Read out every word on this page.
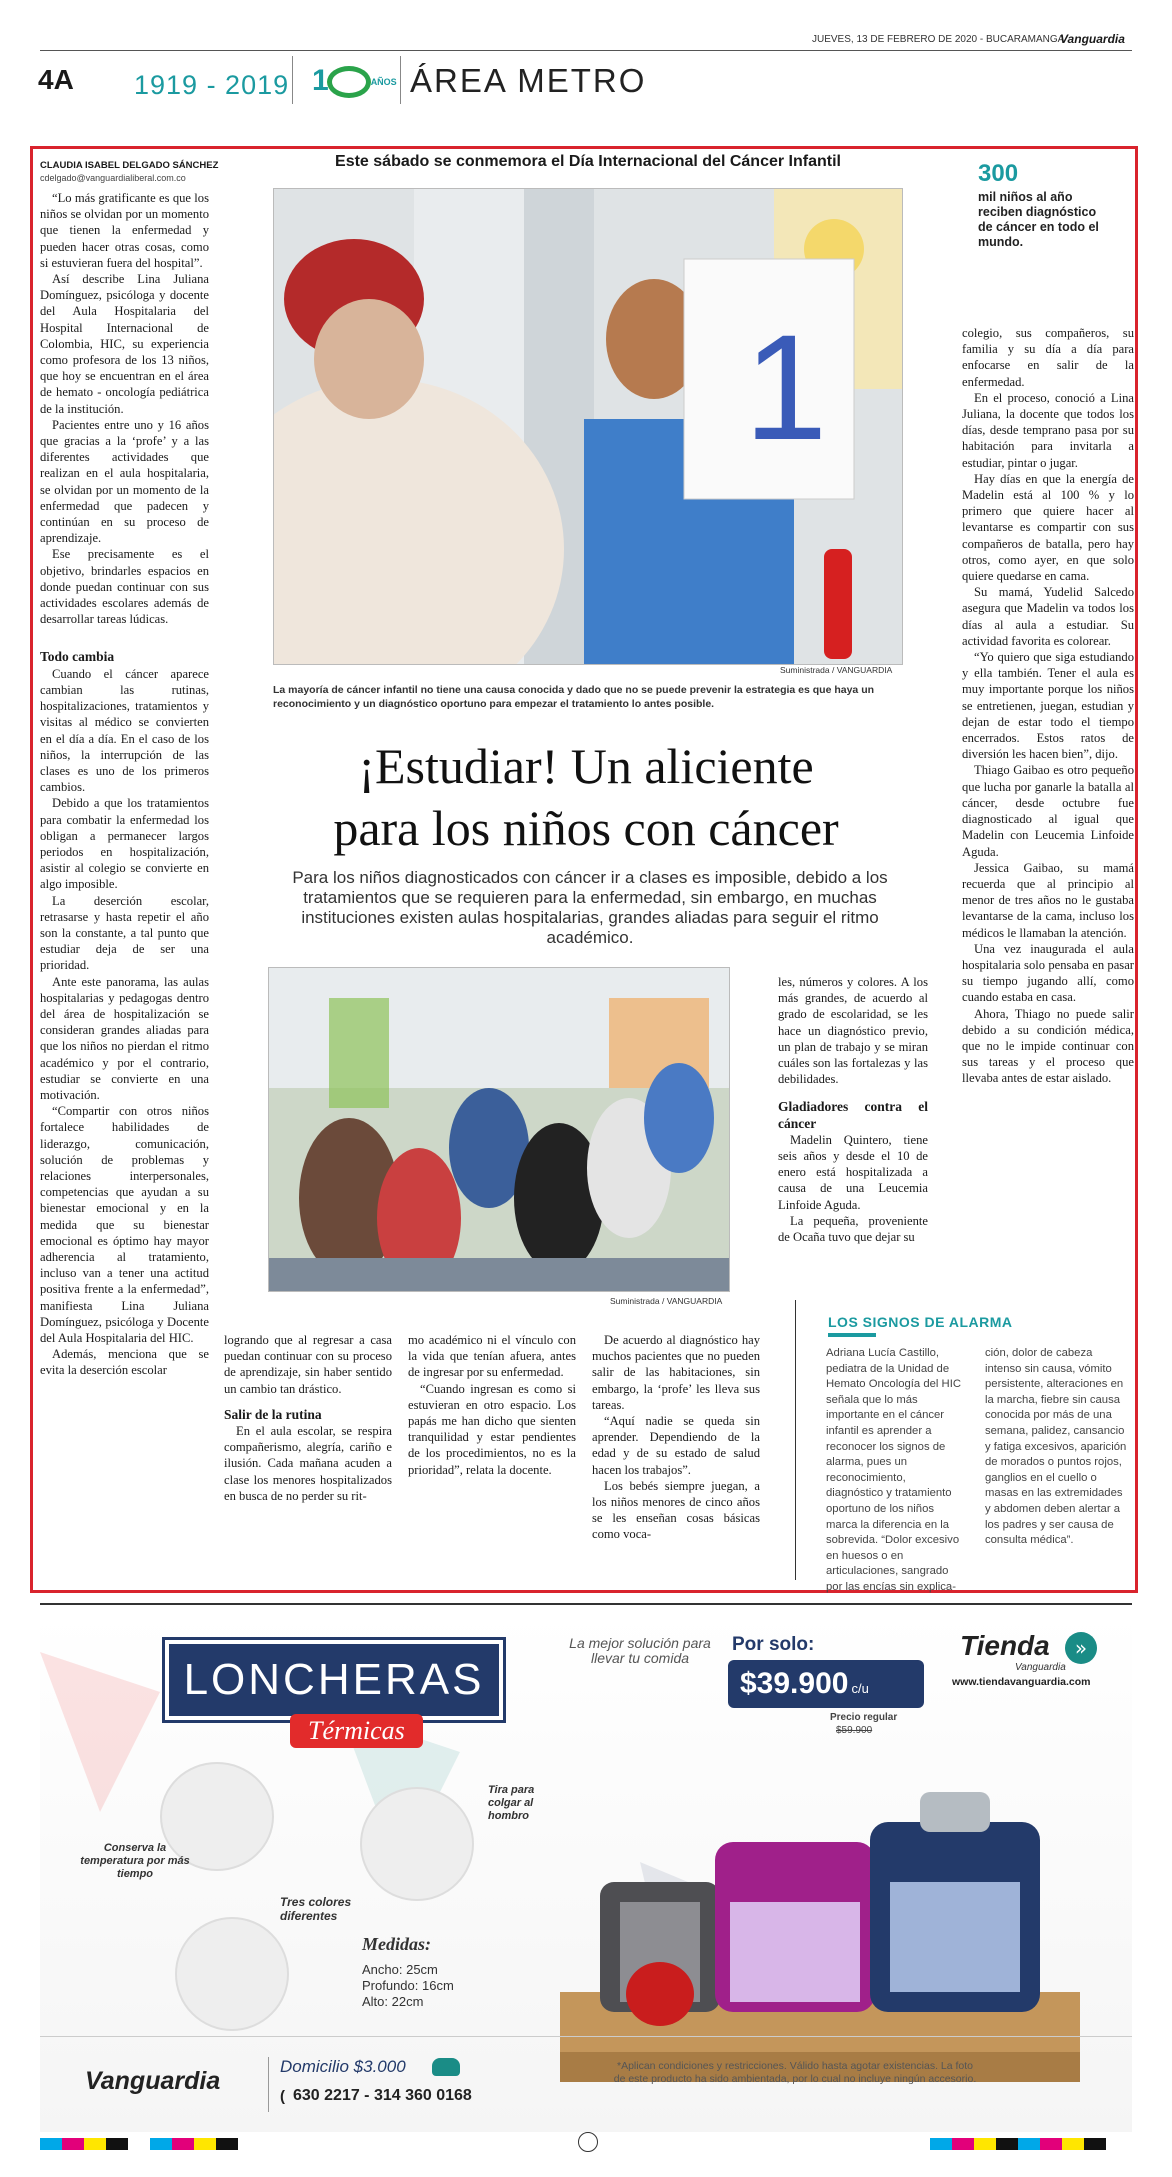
JUEVES, 13 DE FEBRERO DE 2020 - BUCARAMANGA
Vanguardia
4A 1919 - 2019 1	AÑOS ÁREA METRO
CLAUDIA ISABEL DELGADO SÁNCHEZ
cdelgado@vanguardialiberal.com.co
Este sábado se conmemora el Día Internacional del Cáncer Infantil
1
Suministrada / VANGUARDIA
La mayoría de cáncer infantil no tiene una causa conocida y dado que no se puede prevenir la estrategia es que haya un reconocimiento y un diagnóstico oportuno para empezar el tratamiento lo antes posible.
300
mil niños al año reciben diagnóstico de cáncer en todo el mundo.
¡Estudiar! Un aliciente
para los niños con cáncer
Para los niños diagnosticados con cáncer ir a clases es imposible, debido a los tratamientos que se requieren para la enfermedad, sin embargo, en muchas instituciones existen aulas hospitalarias, grandes aliadas para seguir el ritmo académico.
Suministrada / VANGUARDIA

“Lo más gratificante es que los niños se olvidan por un momento que tienen la enfermedad y pueden hacer otras cosas, como si estuvieran fuera del hospital”.

Así describe Lina Juliana Domínguez, psicóloga y docente del Aula Hospitalaria del Hospital Internacional de Colombia, HIC, su experiencia como profesora de los 13 niños, que hoy se encuentran en el área de hemato - oncología pediátrica de la institución.

Pacientes entre uno y 16 años que gracias a la ‘profe’ y a las diferentes actividades que realizan en el aula hospitalaria, se olvidan por un momento de la enfermedad que padecen y continúan en su proceso de aprendizaje.

Ese precisamente es el objetivo, brindarles espacios en donde puedan continuar con sus actividades escolares además de desarrollar tareas lúdicas.

Todo cambia

Cuando el cáncer aparece cambian las rutinas, hospitalizaciones, tratamientos y visitas al médico se convierten en el día a día. En el caso de los niños, la interrupción de las clases es uno de los primeros cambios.

Debido a que los tratamientos para combatir la enfermedad los obligan a permanecer largos periodos en hospitalización, asistir al colegio se convierte en algo imposible.

La deserción escolar, retrasarse y hasta repetir el año son la constante, a tal punto que estudiar deja de ser una prioridad.

Ante este panorama, las aulas hospitalarias y pedagogas dentro del área de hospitalización se consideran grandes aliadas para que los niños no pierdan el ritmo académico y por el contrario, estudiar se convierte en una motivación.

“Compartir con otros niños fortalece habilidades de liderazgo, comunicación, solución de problemas y relaciones interpersonales, competencias que ayudan a su bienestar emocional y en la medida que su bienestar emocional es óptimo hay mayor adherencia al tratamiento, incluso van a tener una actitud positiva frente a la enfermedad”, manifiesta Lina Juliana Domínguez, psicóloga y Docente del Aula Hospitalaria del HIC.

Además, menciona que se evita la deserción escolar

logrando que al regresar a casa puedan continuar con su proceso de aprendizaje, sin haber sentido un cambio tan drástico.

Salir de la rutina

En el aula escolar, se respira compañerismo, alegría, cariño e ilusión. Cada mañana acuden a clase los menores hospitalizados en busca de no perder su rit-

mo académico ni el vínculo con la vida que tenían afuera, antes de ingresar por su enfermedad.

“Cuando ingresan es como si estuvieran en otro espacio. Los papás me han dicho que sienten tranquilidad y estar pendientes de los procedimientos, no es la prioridad”, relata la docente.

De acuerdo al diagnóstico hay muchos pacientes que no pueden salir de las habitaciones, sin embargo, la ‘profe’ les lleva sus tareas.

“Aquí nadie se queda sin aprender. Dependiendo de la edad y de su estado de salud hacen los trabajos”.

Los bebés siempre juegan, a los niños menores de cinco años se les enseñan cosas básicas como voca-

les, números y colores. A los más grandes, de acuerdo al grado de escolaridad, se les hace un diagnóstico previo, un plan de trabajo y se miran cuáles son las fortalezas y las debilidades.

Gladiadores contra el cáncer

Madelin Quintero, tiene seis años y desde el 10 de enero está hospitalizada a causa de una Leucemia Linfoide Aguda.

La pequeña, proveniente de Ocaña tuvo que dejar su

colegio, sus compañeros, su familia y su día a día para enfocarse en salir de la enfermedad.

En el proceso, conoció a Lina Juliana, la docente que todos los días, desde temprano pasa por su habitación para invitarla a estudiar, pintar o jugar.

Hay días en que la energía de Madelin está al 100 % y lo primero que quiere hacer al levantarse es compartir con sus compañeros de batalla, pero hay otros, como ayer, en que solo quiere quedarse en cama.

Su mamá, Yudelid Salcedo asegura que Madelin va todos los días al aula a estudiar. Su actividad favorita es colorear.

“Yo quiero que siga estudiando y ella también. Tener el aula es muy importante porque los niños se entretienen, juegan, estudian y dejan de estar todo el tiempo encerrados. Estos ratos de diversión les hacen bien”, dijo.

Thiago Gaibao es otro pequeño que lucha por ganarle la batalla al cáncer, desde octubre fue diagnosticado al igual que Madelin con Leucemia Linfoide Aguda.

Jessica Gaibao, su mamá recuerda que al principio al menor de tres años no le gustaba levantarse de la cama, incluso los médicos le llamaban la atención.

Una vez inaugurada el aula hospitalaria solo pensaba en pasar su tiempo jugando allí, como cuando estaba en casa.

Ahora, Thiago no puede salir debido a su condición médica, que no le impide continuar con sus tareas y el proceso que llevaba antes de estar aislado.

LOS SIGNOS DE ALARMA
Adriana Lucía Castillo, pediatra de la Unidad de Hemato Oncología del HIC señala que lo más importante en el cáncer infantil es aprender a reconocer los signos de alarma, pues un reconocimiento, diagnóstico y tratamiento oportuno de los niños marca la diferencia en la sobrevida. “Dolor excesivo en huesos o en articulaciones, sangrado por las encías sin explica-
ción, dolor de cabeza intenso sin causa, vómito persistente, alteraciones en la marcha, fiebre sin causa conocida por más de una semana, palidez, cansancio y fatiga excesivos, aparición de morados o puntos rojos, ganglios en el cuello o masas en las extremidades y abdomen deben alertar a los padres y ser causa de consulta médica”.
LONCHERAS
Térmicas
La mejor solución para llevar tu comida
Por solo:
$39.900 c/u
Precio regular
$59.900
Tienda	»
Vanguardia
www.tiendavanguardia.com
Conserva la temperatura por más tiempo
Tira para colgar al hombro
Tres colores diferentes
Medidas:
Ancho: 25cm
Profundo: 16cm
Alto: 22cm
Vanguardia
Domicilio $3.000
( 630 2217 - 314 360 0168
*Aplican condiciones y restricciones. Válido hasta agotar existencias. La foto de este producto ha sido ambientada, por lo cual no incluye ningún accesorio.
